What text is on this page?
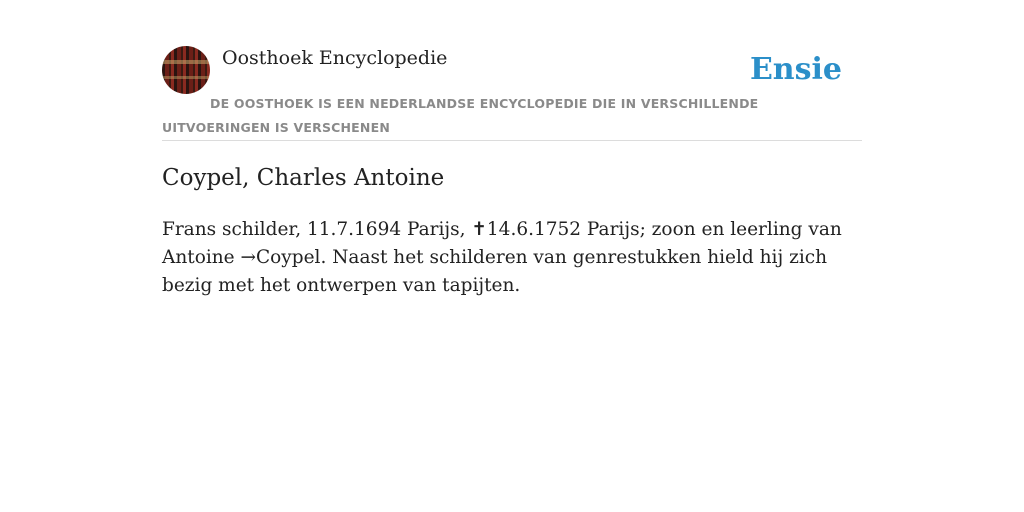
Oosthoek Encyclopedie	Ensie
DE OOSTHOEK IS EEN NEDERLANDSE ENCYCLOPEDIE DIE IN VERSCHILLENDE UITVOERINGEN IS VERSCHENEN
Coypel, Charles Antoine

Frans schilder, 11.7.1694 Parijs, ✝14.6.1752 Parijs; zoon en leerling van Antoine →Coypel. Naast het schilderen van genrestukken hield hij zich bezig met het ontwerpen van tapijten.
